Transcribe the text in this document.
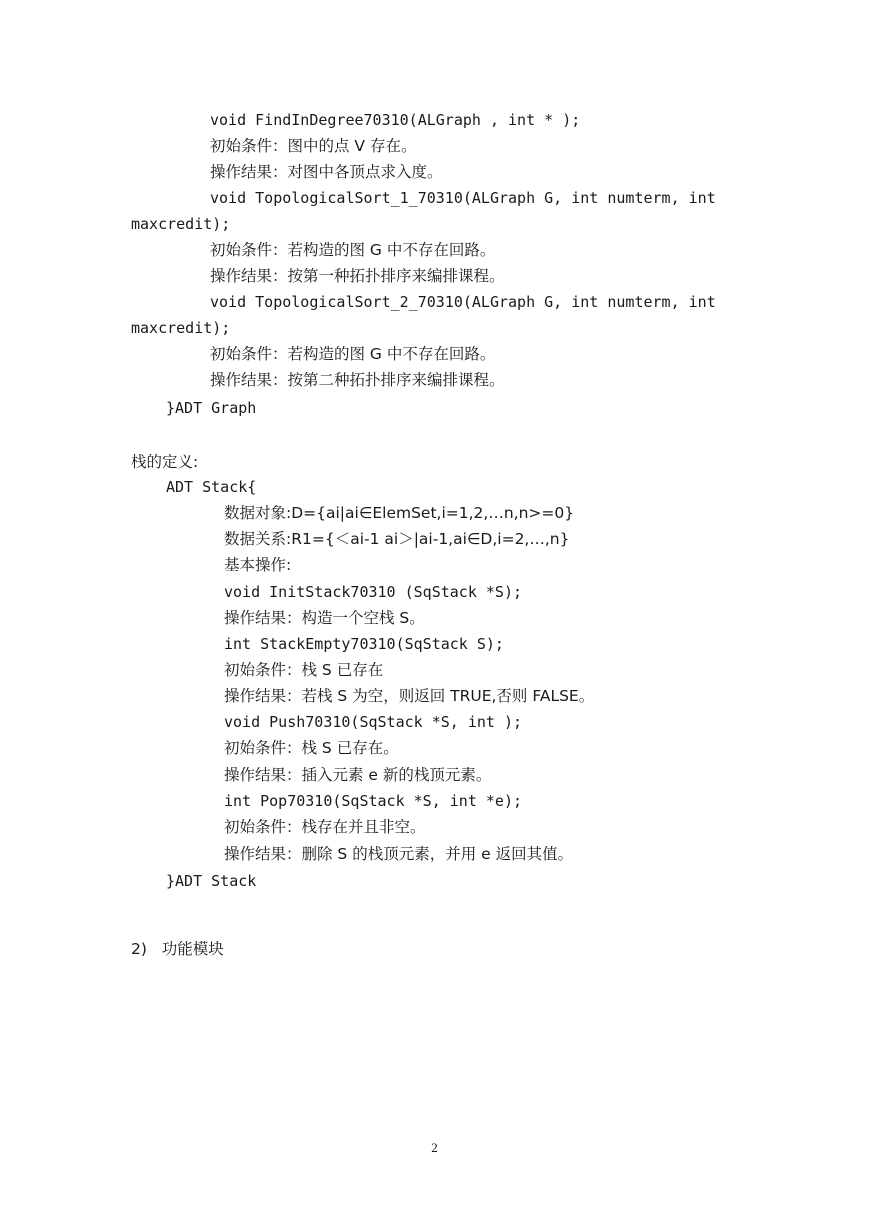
void FindInDegree70310(ALGraph , int * );
初始条件：图中的点 V 存在。
操作结果：对图中各顶点求入度。
void TopologicalSort_1_70310(ALGraph G, int numterm, int
maxcredit);
初始条件：若构造的图 G 中不存在回路。
操作结果：按第一种拓扑排序来编排课程。
void TopologicalSort_2_70310(ALGraph G, int numterm, int
maxcredit);
初始条件：若构造的图 G 中不存在回路。
操作结果：按第二种拓扑排序来编排课程。
}ADT Graph
栈的定义:
ADT Stack{
数据对象:D={ai|ai∈ElemSet,i=1,2,…n,n>=0}
数据关系:R1={＜ai-1 ai＞|ai-1,ai∈D,i=2,…,n}
基本操作:
void InitStack70310 (SqStack *S);
操作结果：构造一个空栈 S。
int StackEmpty70310(SqStack S);
初始条件：栈 S 已存在
操作结果：若栈 S 为空，则返回 TRUE,否则 FALSE。
void Push70310(SqStack *S, int );
初始条件：栈 S 已存在。
操作结果：插入元素 e 新的栈顶元素。
int Pop70310(SqStack *S, int *e);
初始条件：栈存在并且非空。
操作结果：删除 S 的栈顶元素，并用 e 返回其值。
}ADT Stack
2)   功能模块
2
